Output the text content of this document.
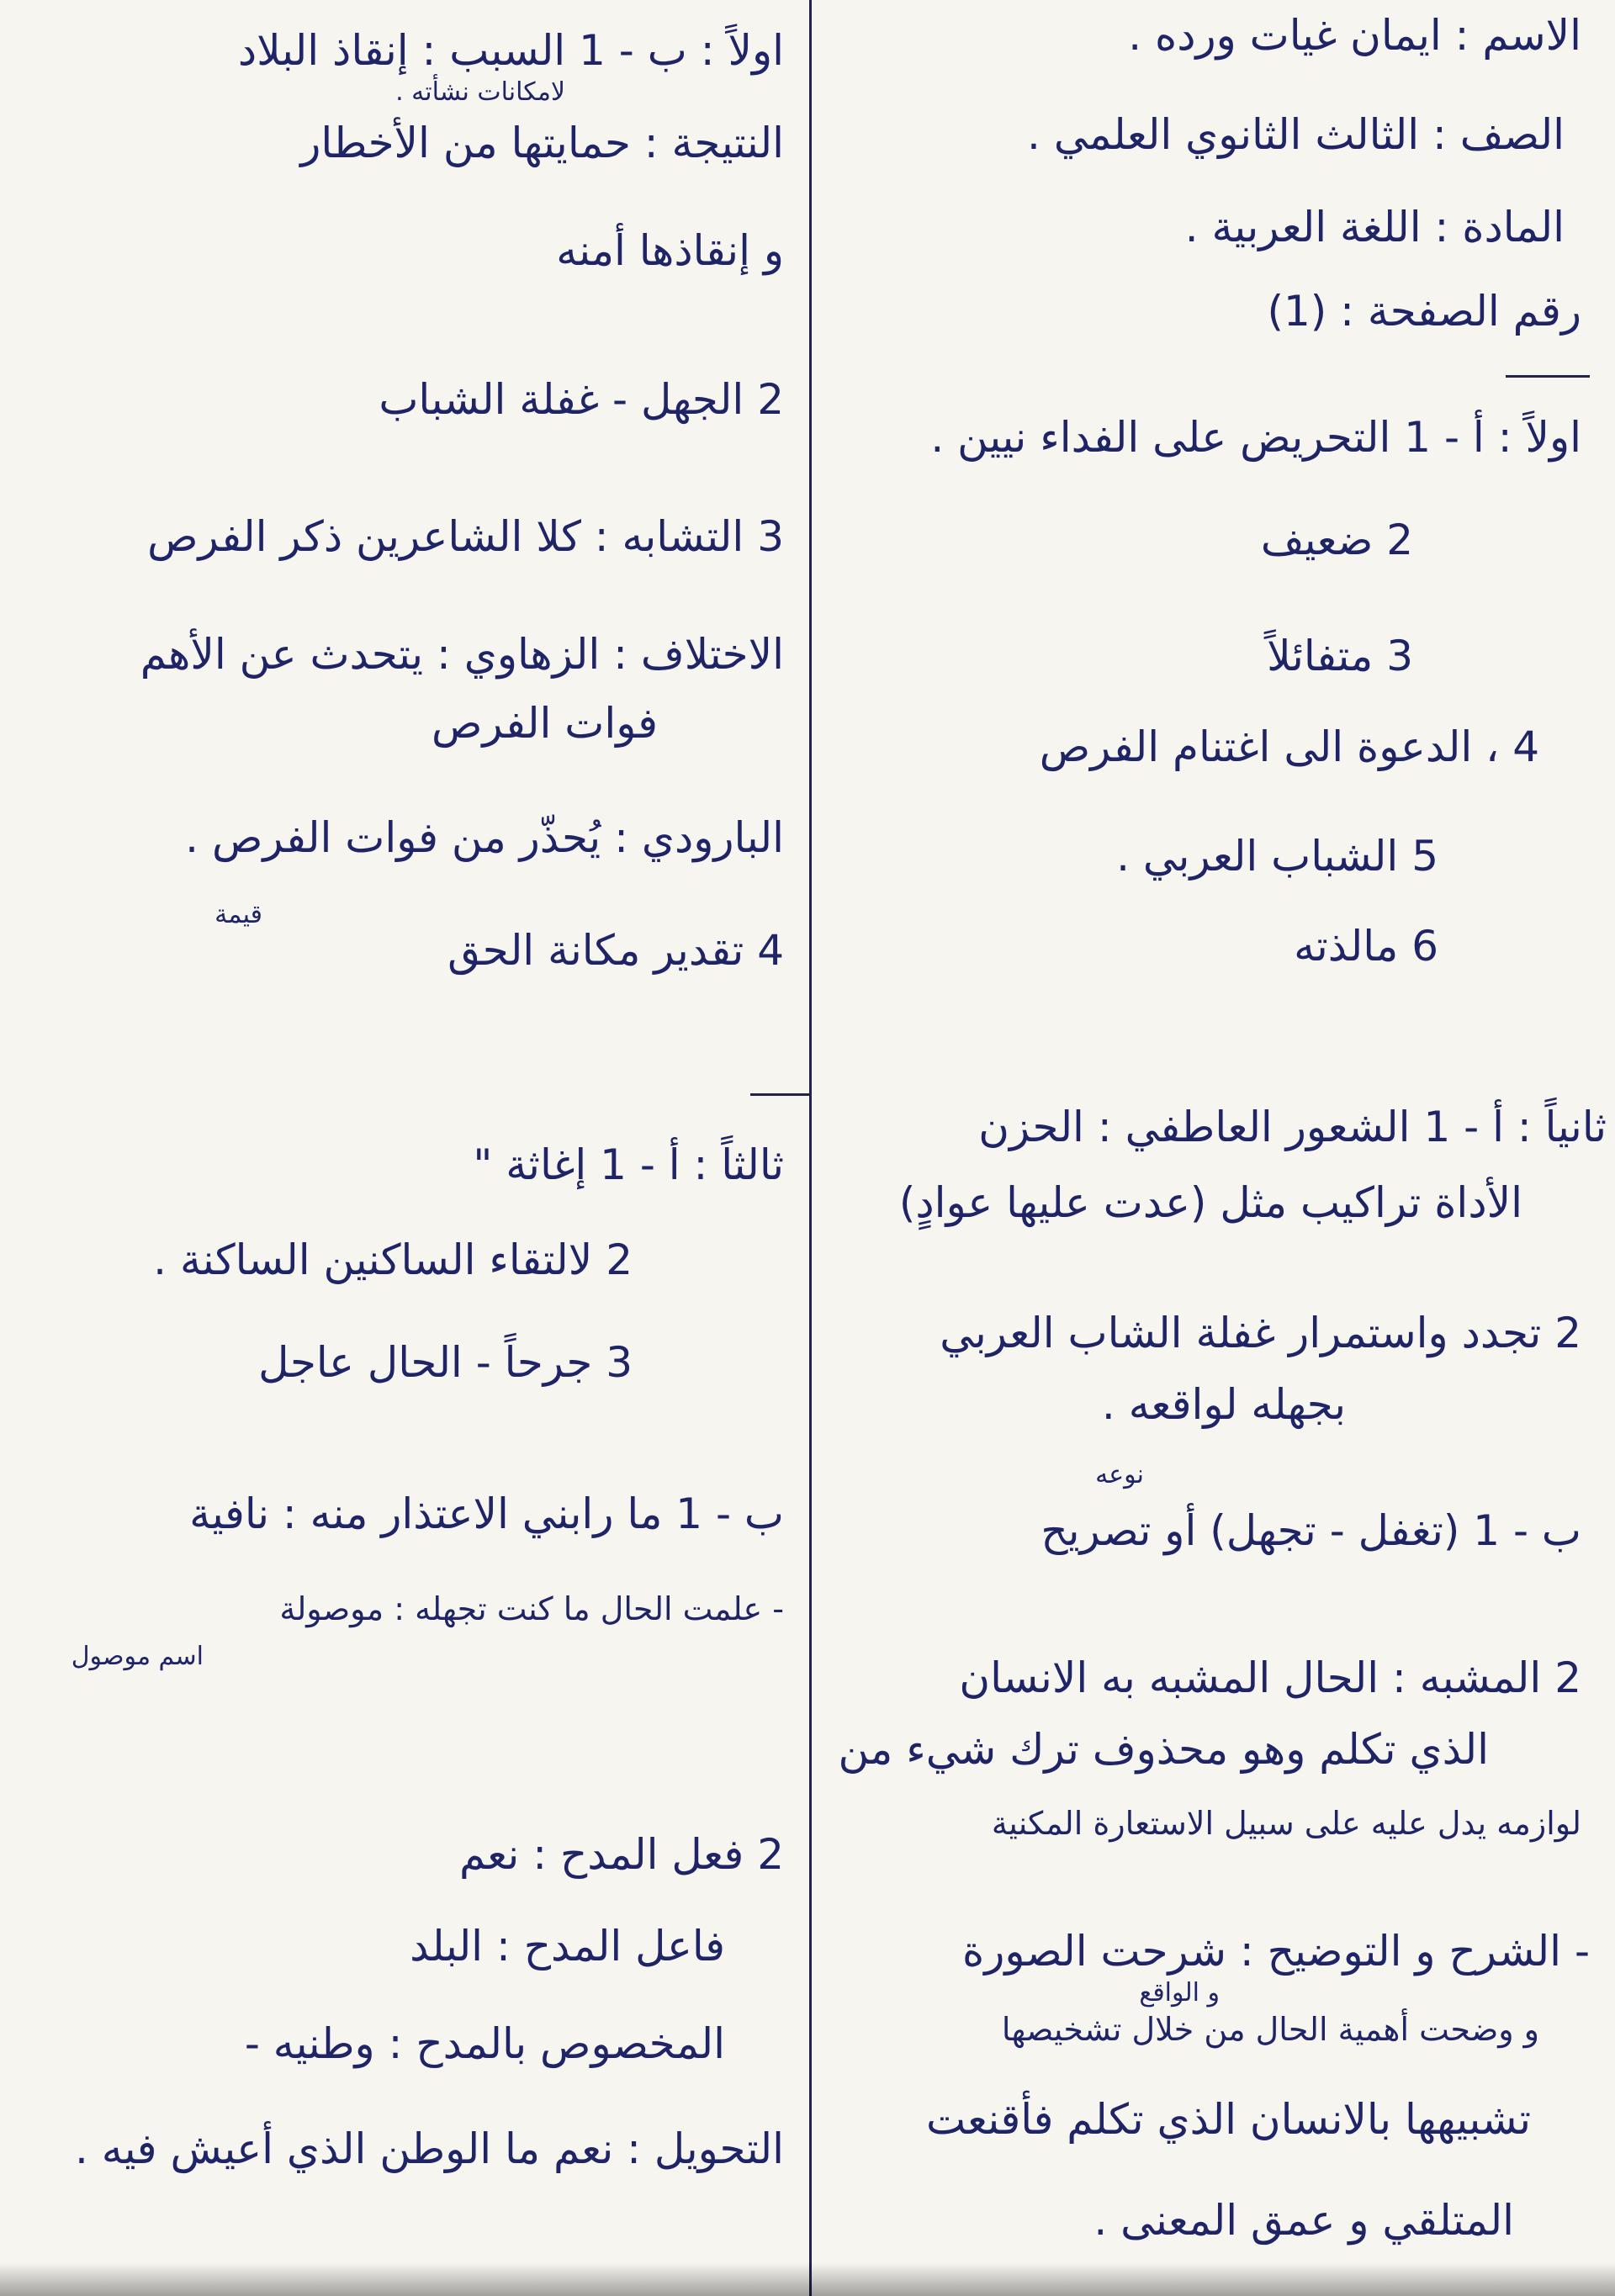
الاسم : ايمان غيات ورده .
الصف : الثالث الثانوي العلمي .
المادة : اللغة العربية .
رقم الصفحة : (1)
اولاً : أ - 1 التحريض على الفداء نيين .
2 ضعيف
3 متفائلاً
4 ، الدعوة الى اغتنام الفرص
5 الشباب العربي .
6 مالذته
ثانياً : أ - 1 الشعور العاطفي : الحزن
الأداة تراكيب مثل (عدت عليها عوادٍ)
2 تجدد واستمرار غفلة الشاب العربي
بجهله لواقعه .
نوعه
ب - 1 (تغفل - تجهل) أو تصريح
2 المشبه : الحال المشبه به الانسان
الذي تكلم وهو محذوف ترك شيء من
لوازمه يدل عليه على سبيل الاستعارة المكنية
- الشرح و التوضيح : شرحت الصورة
و الواقع
و وضحت أهمية الحال من خلال تشخيصها
تشبيهها بالانسان الذي تكلم فأقنعت
المتلقي و عمق المعنى .
اولاً : ب - 1 السبب : إنقاذ البلاد
لامكانات نشأته .
النتيجة : حمايتها من الأخطار
و إنقاذها أمنه
2 الجهل - غفلة الشباب
3 التشابه : كلا الشاعرين ذكر الفرص
الاختلاف : الزهاوي : يتحدث عن الأهم
فوات الفرص
البارودي : يُحذّر من فوات الفرص .
قيمة
4 تقدير مكانة الحق
ثالثاً : أ - 1 إغاثة "
2 لالتقاء الساكنين الساكنة .
3 جرحاً - الحال عاجل
ب - 1 ما رابني الاعتذار منه : نافية
- علمت الحال ما كنت تجهله : موصولة
اسم موصول
2 فعل المدح : نعم
فاعل المدح : البلد
المخصوص بالمدح : وطنيه -
التحويل : نعم ما الوطن الذي أعيش فيه .
